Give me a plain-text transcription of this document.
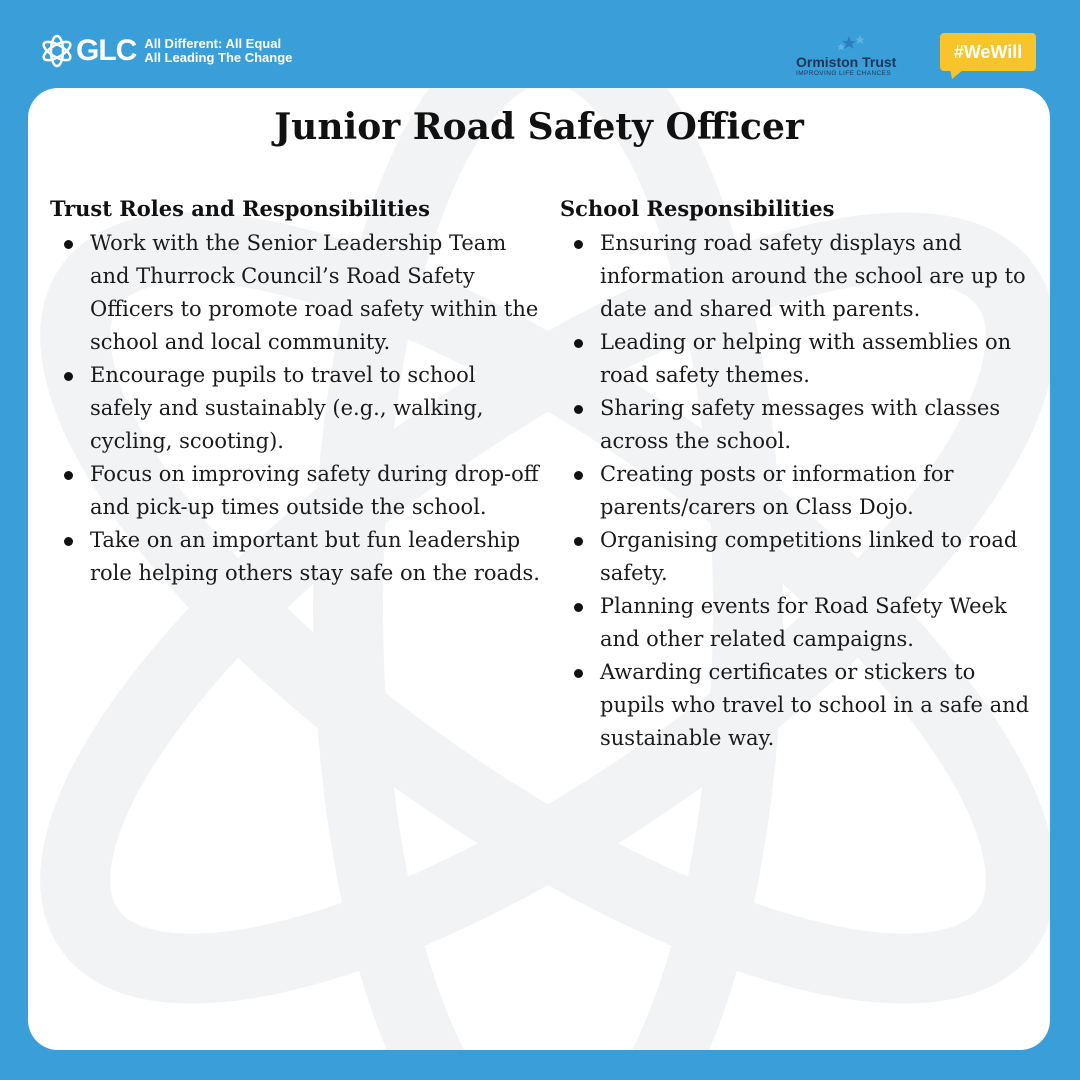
GLC All Different: All Equal
All Leading The Change	Ormiston Trust
IMPROVING LIFE CHANCES
#WeWill
Junior Road Safety Officer
Trust Roles and Responsibilities
Work with the Senior Leadership Team and Thurrock Council’s Road Safety Officers to promote road safety within the school and local community.
Encourage pupils to travel to school safely and sustainably (e.g., walking, cycling, scooting).
Focus on improving safety during drop-off and pick-up times outside the school.
Take on an important but fun leadership role helping others stay safe on the roads.
School Responsibilities
Ensuring road safety displays and information around the school are up to date and shared with parents.
Leading or helping with assemblies on road safety themes.
Sharing safety messages with classes across the school.
Creating posts or information for parents/carers on Class Dojo.
Organising competitions linked to road safety.
Planning events for Road Safety Week and other related campaigns.
Awarding certificates or stickers to pupils who travel to school in a safe and sustainable way.
